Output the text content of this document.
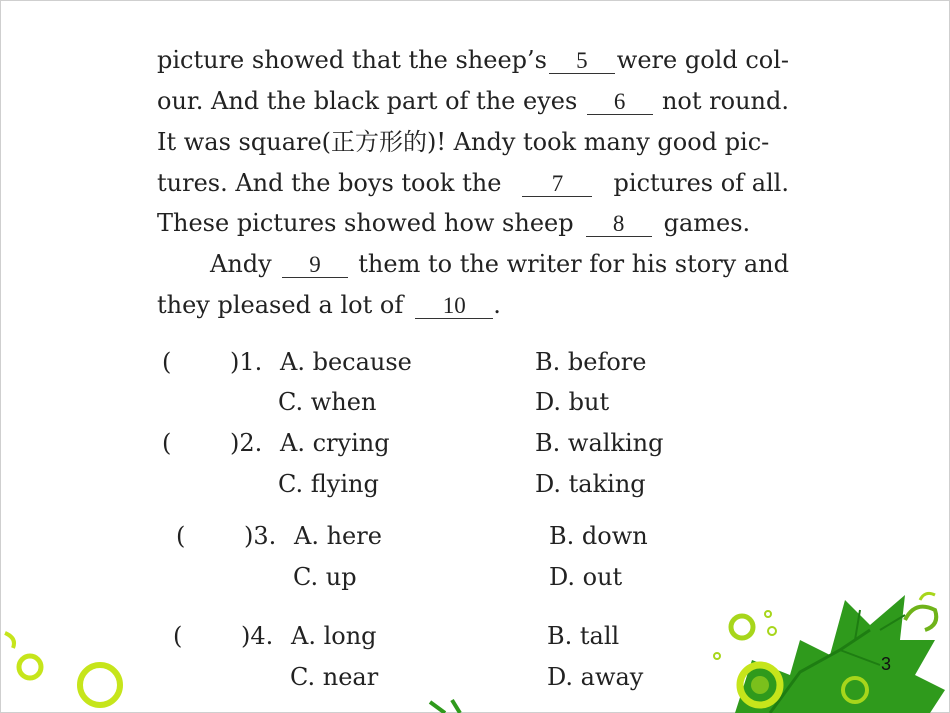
picture showed that the sheep’s	5	were gold col-
our. And the black part of the eyes	6	not round.
It was square(正方形的)! Andy took many good pic-
tures. And the boys took the	7	pictures of all.
These pictures showed how sheep	8	games.
Andy	9	them to the writer for his story and
they pleased a lot of	10	.
( )1. A. because	B. before
C. when	D. but
( )2. A. crying	B. walking
C. flying	D. taking
( )3. A. here	B. down
C. up	D. out
( )4. A. long	B. tall
C. near	D. away	3
